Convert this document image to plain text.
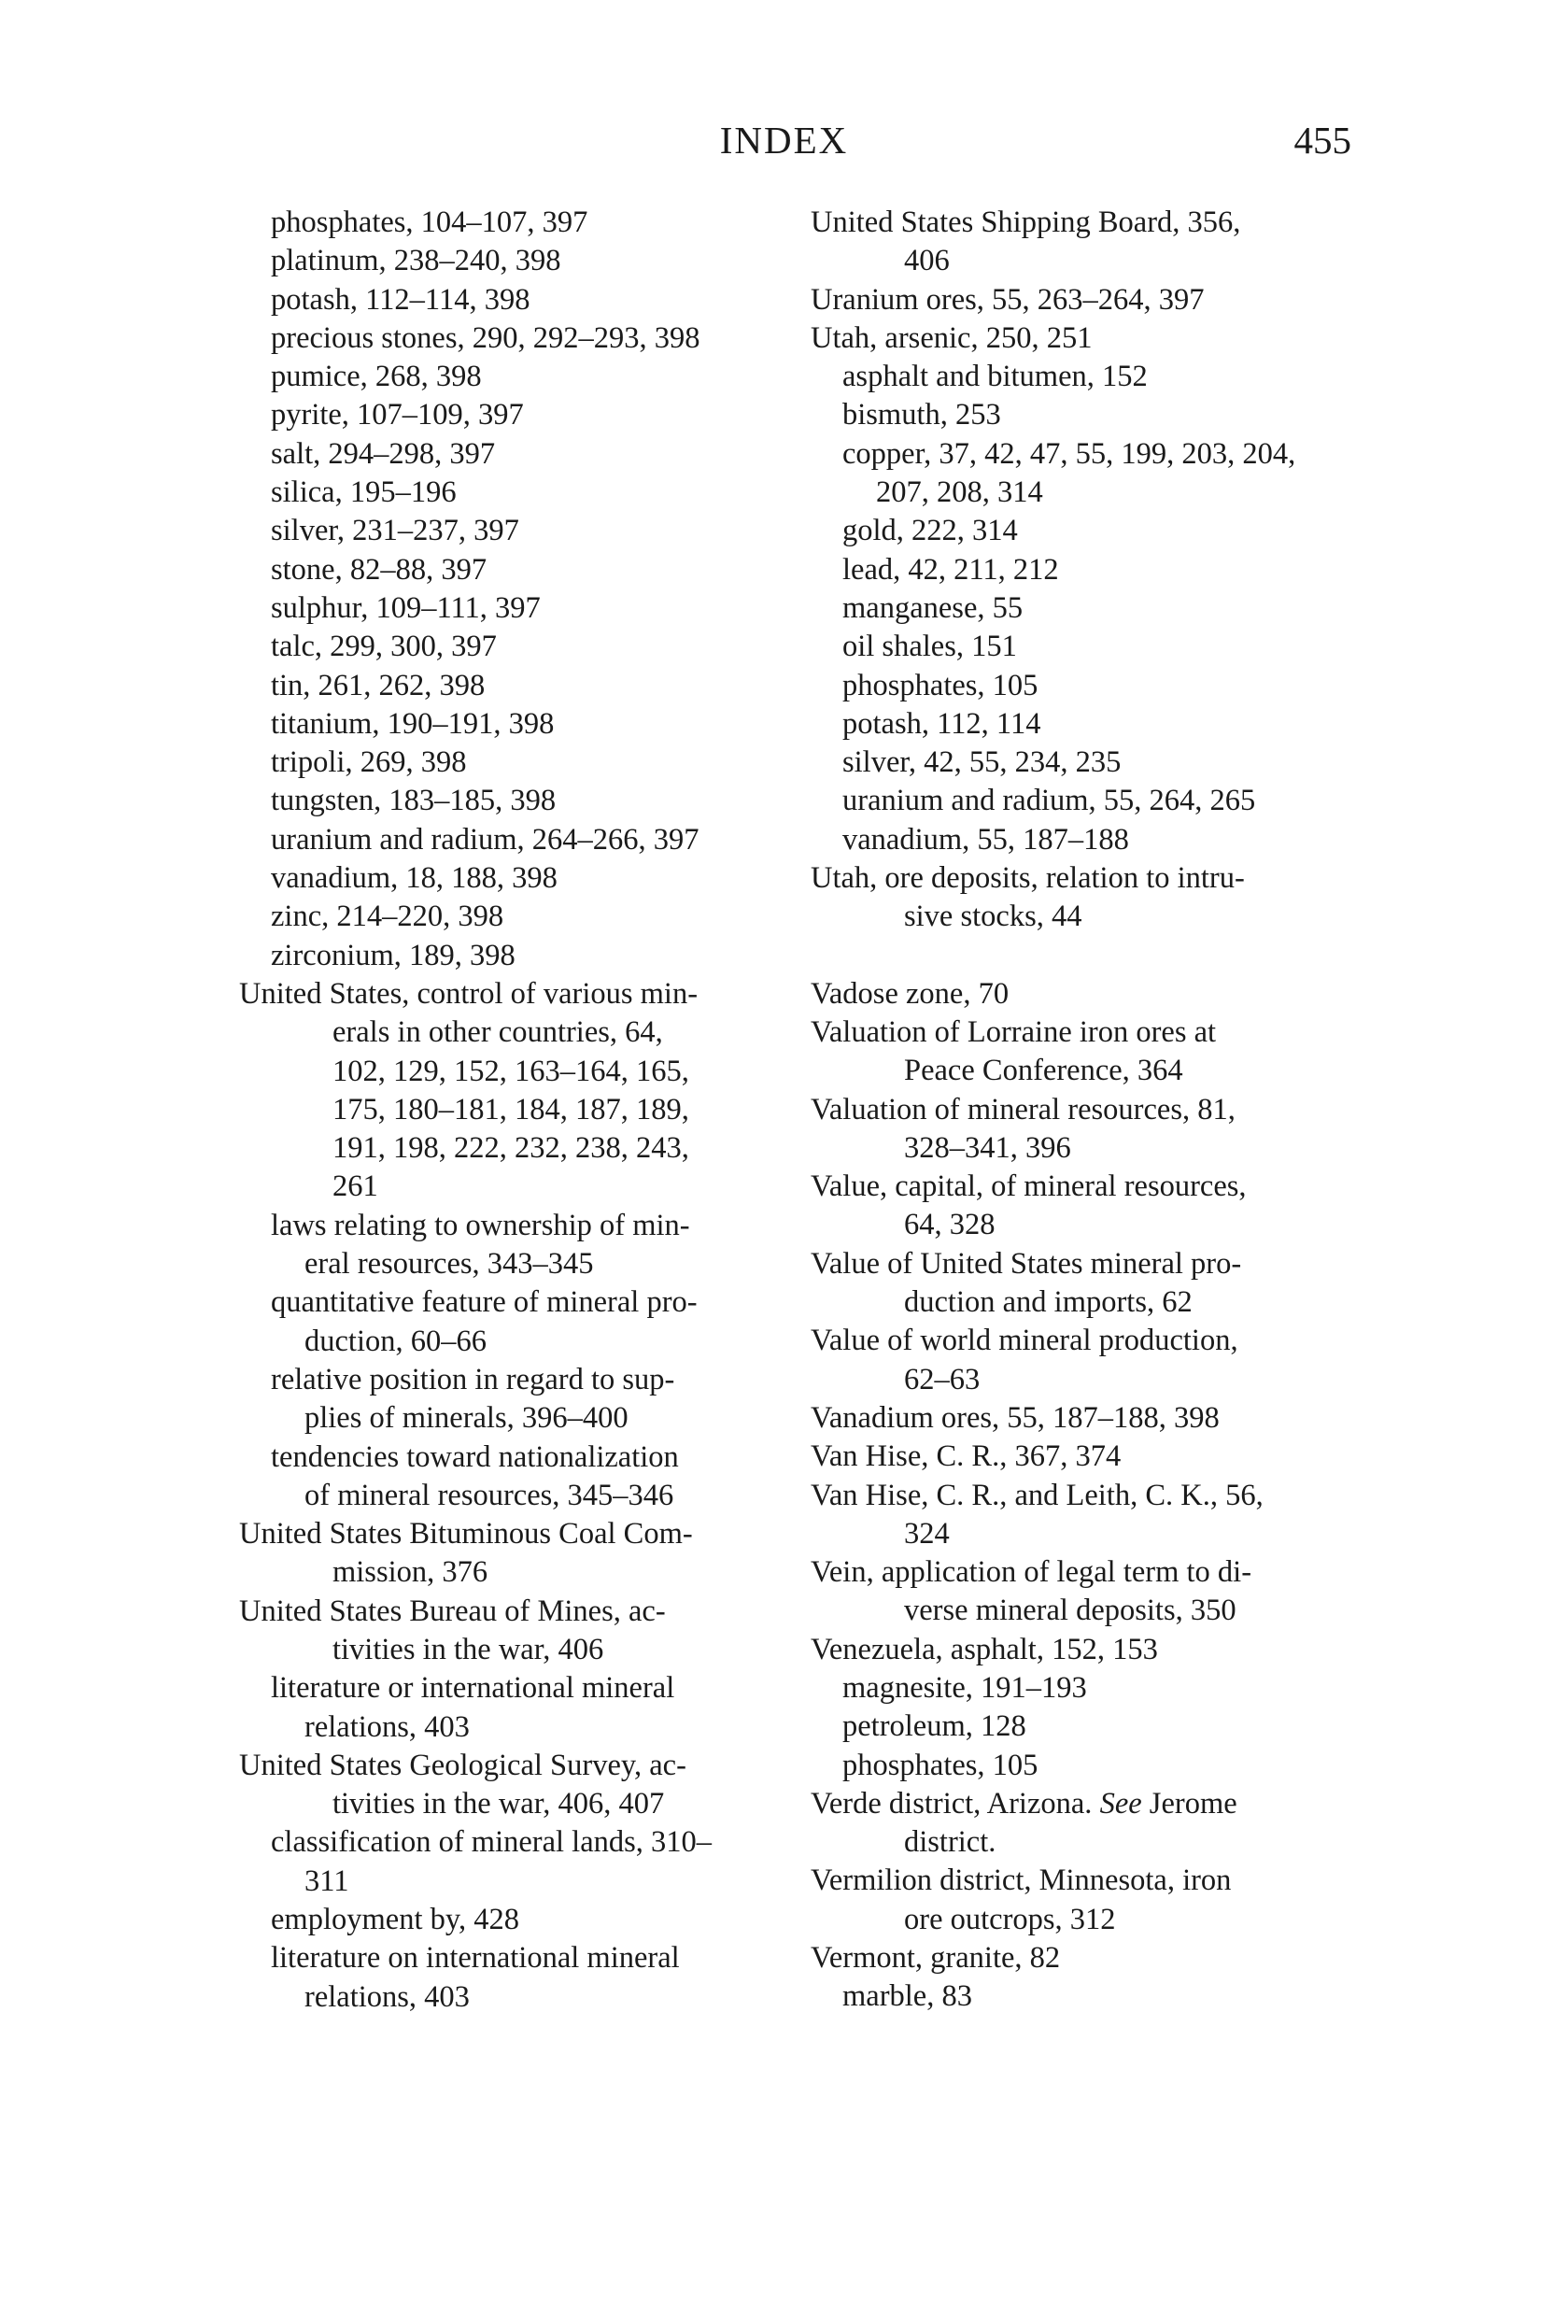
INDEX	455
phosphates, 104–107, 397
platinum, 238–240, 398
potash, 112–114, 398
precious stones, 290, 292–293, 398
pumice, 268, 398
pyrite, 107–109, 397
salt, 294–298, 397
silica, 195–196
silver, 231–237, 397
stone, 82–88, 397
sulphur, 109–111, 397
talc, 299, 300, 397
tin, 261, 262, 398
titanium, 190–191, 398
tripoli, 269, 398
tungsten, 183–185, 398
uranium and radium, 264–266, 397
vanadium, 18, 188, 398
zinc, 214–220, 398
zirconium, 189, 398
United States, control of various min-
erals in other countries, 64,
102, 129, 152, 163–164, 165,
175, 180–181, 184, 187, 189,
191, 198, 222, 232, 238, 243,
261
laws relating to ownership of min-
eral resources, 343–345
quantitative feature of mineral pro-
duction, 60–66
relative position in regard to sup-
plies of minerals, 396–400
tendencies toward nationalization
of mineral resources, 345–346
United States Bituminous Coal Com-
mission, 376
United States Bureau of Mines, ac-
tivities in the war, 406
literature or international mineral
relations, 403
United States Geological Survey, ac-
tivities in the war, 406, 407
classification of mineral lands, 310–
311
employment by, 428
literature on international mineral
relations, 403
United States Shipping Board, 356,
406
Uranium ores, 55, 263–264, 397
Utah, arsenic, 250, 251
asphalt and bitumen, 152
bismuth, 253
copper, 37, 42, 47, 55, 199, 203, 204,
207, 208, 314
gold, 222, 314
lead, 42, 211, 212
manganese, 55
oil shales, 151
phosphates, 105
potash, 112, 114
silver, 42, 55, 234, 235
uranium and radium, 55, 264, 265
vanadium, 55, 187–188
Utah, ore deposits, relation to intru-
sive stocks, 44
Vadose zone, 70
Valuation of Lorraine iron ores at
Peace Conference, 364
Valuation of mineral resources, 81,
328–341, 396
Value, capital, of mineral resources,
64, 328
Value of United States mineral pro-
duction and imports, 62
Value of world mineral production,
62–63
Vanadium ores, 55, 187–188, 398
Van Hise, C. R., 367, 374
Van Hise, C. R., and Leith, C. K., 56,
324
Vein, application of legal term to di-
verse mineral deposits, 350
Venezuela, asphalt, 152, 153
magnesite, 191–193
petroleum, 128
phosphates, 105
Verde district, Arizona. See Jerome
district.
Vermilion district, Minnesota, iron
ore outcrops, 312
Vermont, granite, 82
marble, 83
